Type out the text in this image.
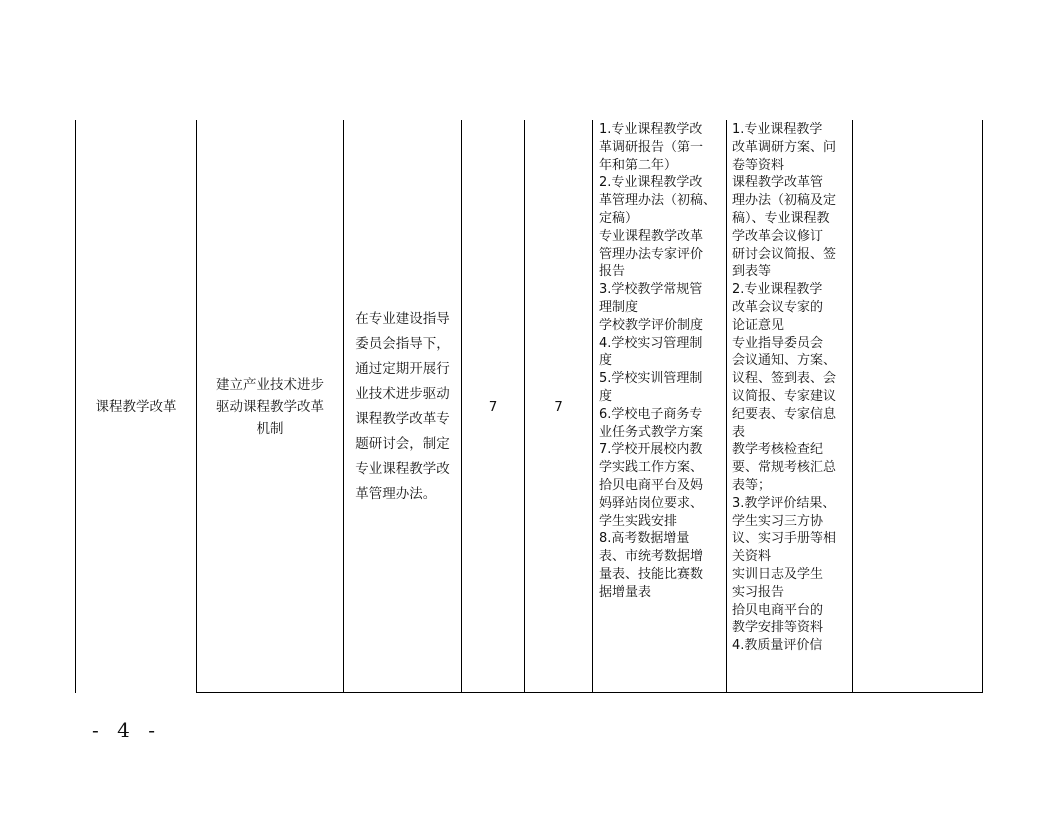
课程教学改革
建立产业技术进步
驱动课程教学改革
机制
在专业建设指导
委员会指导下，
通过定期开展行
业技术进步驱动
课程教学改革专
题研讨会，制定
专业课程教学改
革管理办法。
7	7
1.专业课程教学改
革调研报告（第一
年和第二年）
2.专业课程教学改
革管理办法（初稿、
定稿）
专业课程教学改革
管理办法专家评价
报告
3.学校教学常规管
理制度
学校教学评价制度
4.学校实习管理制
度
5.学校实训管理制
度
6.学校电子商务专
业任务式教学方案
7.学校开展校内教
学实践工作方案、
拾贝电商平台及妈
妈驿站岗位要求、
学生实践安排
8.高考数据增量
表、市统考数据增
量表、技能比赛数
据增量表
1.专业课程教学
改革调研方案、问
卷等资料
课程教学改革管
理办法（初稿及定
稿）、专业课程教
学改革会议修订
研讨会议简报、签
到表等
2.专业课程教学
改革会议专家的
论证意见
专业指导委员会
会议通知、方案、
议程、签到表、会
议简报、专家建议
纪要表、专家信息
表
教学考核检查纪
要、常规考核汇总
表等；
3.教学评价结果、
学生实习三方协
议、实习手册等相
关资料
实训日志及学生
实习报告
拾贝电商平台的
教学安排等资料
4.教质量评价信
- 4 -
